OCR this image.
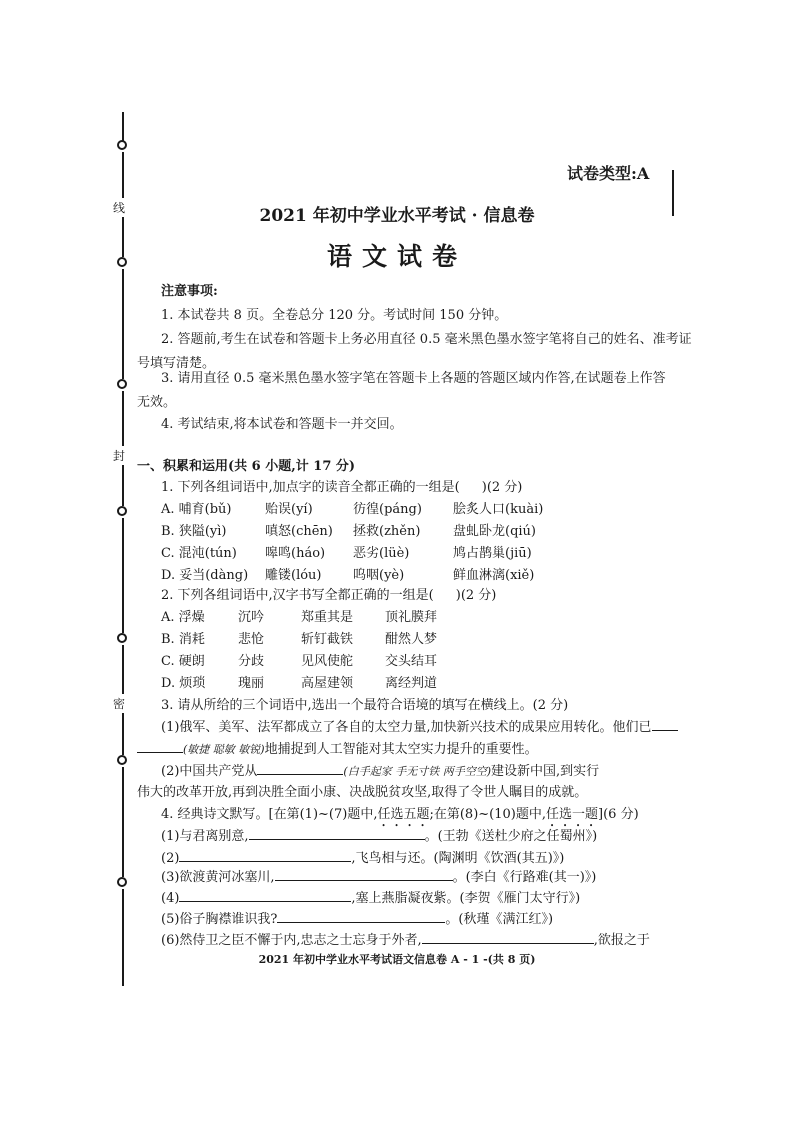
线
封
密
试卷类型:A
2021 年初中学业水平考试 · 信息卷
语文试卷
注意事项:
1. 本试卷共 8 页。全卷总分 120 分。考试时间 150 分钟。
2. 答题前,考生在试卷和答题卡上务必用直径 0.5 毫米黑色墨水签字笔将自己的姓名、准考证
号填写清楚。
3. 请用直径 0.5 毫米黑色墨水签字笔在答题卡上各题的答题区域内作答,在试题卷上作答
无效。
4. 考试结束,将本试卷和答题卡一并交回。
一、积累和运用(共 6 小题,计 17 分)
1. 下列各组词语中,加点字的读音全都正确的一组是( )(2 分)
A. 哺育(bǔ)	贻误(yí)	彷徨(páng) 脍炙人口(kuài)
B. 狭隘(yì)	嗔怒(chēn) 拯救(zhěn)	盘虬卧龙(qiú)
C. 混沌(tún) 嗥鸣(háo) 恶劣(lüè)	鸠占鹊巢(jiū)
D. 妥当(dàng) 雕镂(lóu) 呜咽(yè)	鲜血淋漓(xiě)
2. 下列各组词语中,汉字书写全都正确的一组是( )(2 分)
A. 浮燥	沉吟	郑重其是 顶礼膜拜
B. 消耗	悲怆	斩钉截铁 酣然人梦
C. 硬朗	分歧	见风使舵 交头结耳
D. 烦琐	瑰丽	高屋建领 离经判道
3. 请从所给的三个词语中,选出一个最符合语境的填写在横线上。(2 分)
(1)俄军、美军、法军都成立了各自的太空力量,加快新兴技术的成果应用转化。他们已
(敏捷 聪敏 敏锐)地捕捉到人工智能对其太空实力提升的重要性。
(2)中国共产党从	(白手起家 手无寸铁 两手空空)建设新中国,到实行
伟大的改革开放,再到决胜全面小康、决战脱贫攻坚,取得了令世人瞩目的成就。
4. 经典诗文默写。[在第(1)~(7)题中,任选五题;在第(8)~(10)题中,任选一题](6 分)
(1)与君离别意,	。(王勃《送杜少府之任蜀州》)
(2)	,飞鸟相与还。(陶渊明《饮酒(其五)》)
(3)欲渡黄河冰塞川,	。(李白《行路难(其一)》)
(4)	,塞上燕脂凝夜紫。(李贺《雁门太守行》)
(5)俗子胸襟谁识我?	。(秋瑾《满江红》)
(6)然侍卫之臣不懈于内,忠志之士忘身于外者,	,欲报之于
2021 年初中学业水平考试语文信息卷 A - 1 -(共 8 页)
